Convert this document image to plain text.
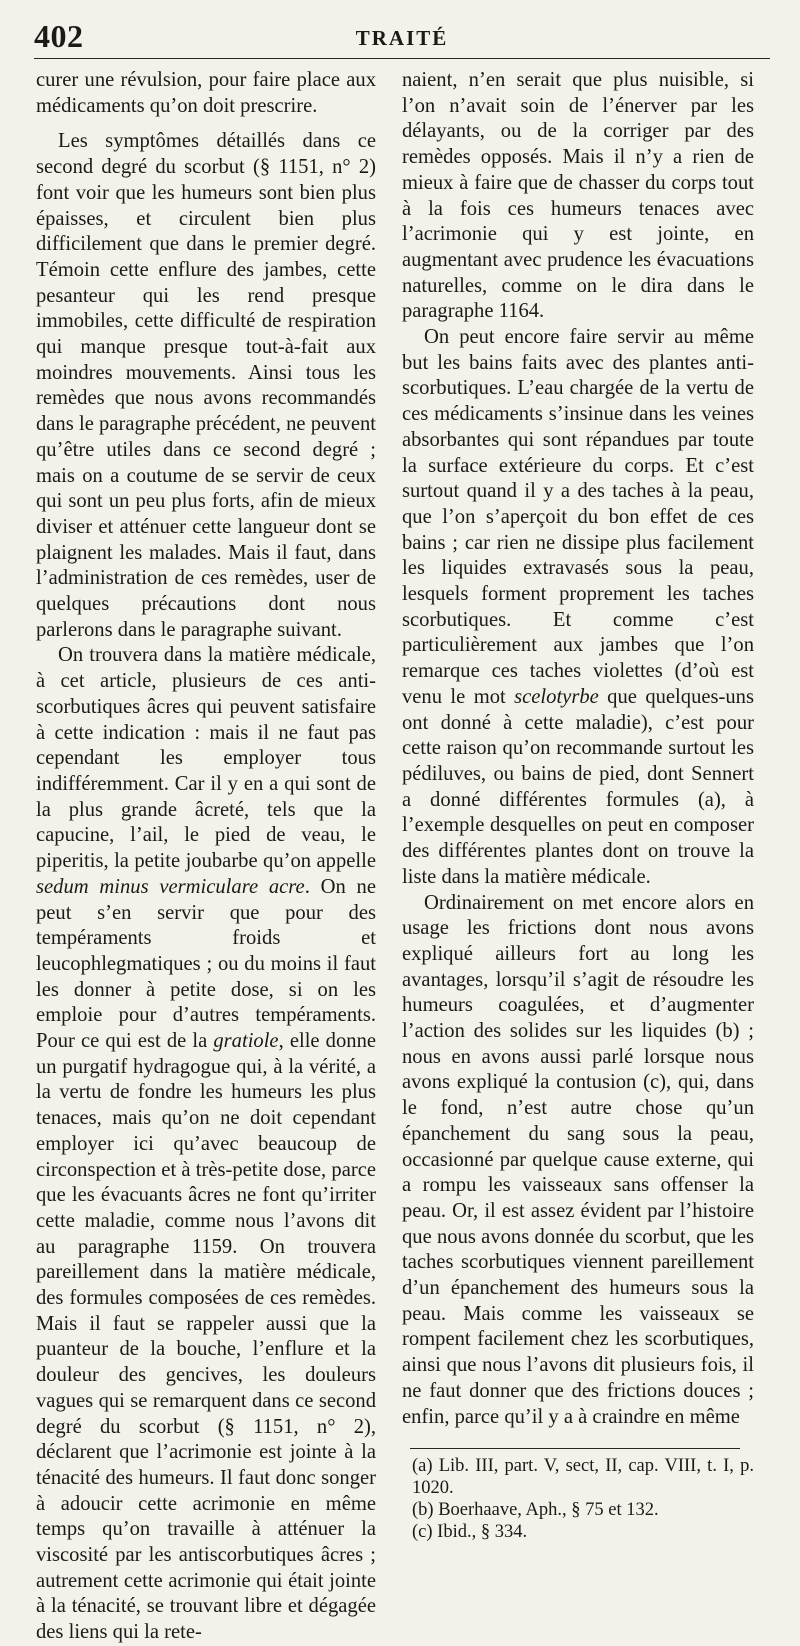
402	TRAITÉ

curer une révulsion, pour faire place aux médicaments qu’on doit prescrire.

Les symptômes détaillés dans ce second degré du scorbut (§ 1151, n° 2) font voir que les humeurs sont bien plus épaisses, et circulent bien plus difficilement que dans le premier degré. Témoin cette enflure des jambes, cette pesanteur qui les rend presque immobiles, cette difficulté de respiration qui manque presque tout-à-fait aux moindres mouvements. Ainsi tous les remèdes que nous avons recommandés dans le paragraphe précédent, ne peuvent qu’être utiles dans ce second degré ; mais on a coutume de se servir de ceux qui sont un peu plus forts, afin de mieux diviser et atténuer cette langueur dont se plaignent les malades. Mais il faut, dans l’administration de ces remèdes, user de quelques précautions dont nous parlerons dans le paragraphe suivant.

On trouvera dans la matière médicale, à cet article, plusieurs de ces anti-scorbutiques âcres qui peuvent satisfaire à cette indication : mais il ne faut pas cependant les employer tous indifféremment. Car il y en a qui sont de la plus grande âcreté, tels que la capucine, l’ail, le pied de veau, le piperitis, la petite joubarbe qu’on appelle sedum minus vermiculare acre. On ne peut s’en servir que pour des tempéraments froids et leucophlegmatiques ; ou du moins il faut les donner à petite dose, si on les emploie pour d’autres tempéraments. Pour ce qui est de la gratiole, elle donne un purgatif hydragogue qui, à la vérité, a la vertu de fondre les humeurs les plus tenaces, mais qu’on ne doit cependant employer ici qu’avec beaucoup de circonspection et à très-petite dose, parce que les évacuants âcres ne font qu’irriter cette maladie, comme nous l’avons dit au paragraphe 1159. On trouvera pareillement dans la matière médicale, des formules composées de ces remèdes. Mais il faut se rappeler aussi que la puanteur de la bouche, l’enflure et la douleur des gencives, les douleurs vagues qui se remarquent dans ce second degré du scorbut (§ 1151, n° 2), déclarent que l’acrimonie est jointe à la ténacité des humeurs. Il faut donc songer à adoucir cette acrimonie en même temps qu’on travaille à atténuer la viscosité par les antiscorbutiques âcres ; autrement cette acrimonie qui était jointe à la ténacité, se trouvant libre et dégagée des liens qui la rete-

naient, n’en serait que plus nuisible, si l’on n’avait soin de l’énerver par les délayants, ou de la corriger par des remèdes opposés. Mais il n’y a rien de mieux à faire que de chasser du corps tout à la fois ces humeurs tenaces avec l’acrimonie qui y est jointe, en augmentant avec prudence les évacuations naturelles, comme on le dira dans le paragraphe 1164.

On peut encore faire servir au même but les bains faits avec des plantes anti-scorbutiques. L’eau chargée de la vertu de ces médicaments s’insinue dans les veines absorbantes qui sont répandues par toute la surface extérieure du corps. Et c’est surtout quand il y a des taches à la peau, que l’on s’aperçoit du bon effet de ces bains ; car rien ne dissipe plus facilement les liquides extravasés sous la peau, lesquels forment proprement les taches scorbutiques. Et comme c’est particulièrement aux jambes que l’on remarque ces taches violettes (d’où est venu le mot scelotyrbe que quelques-uns ont donné à cette maladie), c’est pour cette raison qu’on recommande surtout les pédiluves, ou bains de pied, dont Sennert a donné différentes formules (a), à l’exemple desquelles on peut en composer des différentes plantes dont on trouve la liste dans la matière médicale.

Ordinairement on met encore alors en usage les frictions dont nous avons expliqué ailleurs fort au long les avantages, lorsqu’il s’agit de résoudre les humeurs coagulées, et d’augmenter l’action des solides sur les liquides (b) ; nous en avons aussi parlé lorsque nous avons expliqué la contusion (c), qui, dans le fond, n’est autre chose qu’un épanchement du sang sous la peau, occasionné par quelque cause externe, qui a rompu les vaisseaux sans offenser la peau. Or, il est assez évident par l’histoire que nous avons donnée du scorbut, que les taches scorbutiques viennent pareillement d’un épanchement des humeurs sous la peau. Mais comme les vaisseaux se rompent facilement chez les scorbutiques, ainsi que nous l’avons dit plusieurs fois, il ne faut donner que des frictions douces ; enfin, parce qu’il y a à craindre en même

(a) Lib. III, part. V, sect, II, cap. VIII, t. I, p. 1020.
(b) Boerhaave, Aph., § 75 et 132.
(c) Ibid., § 334.
